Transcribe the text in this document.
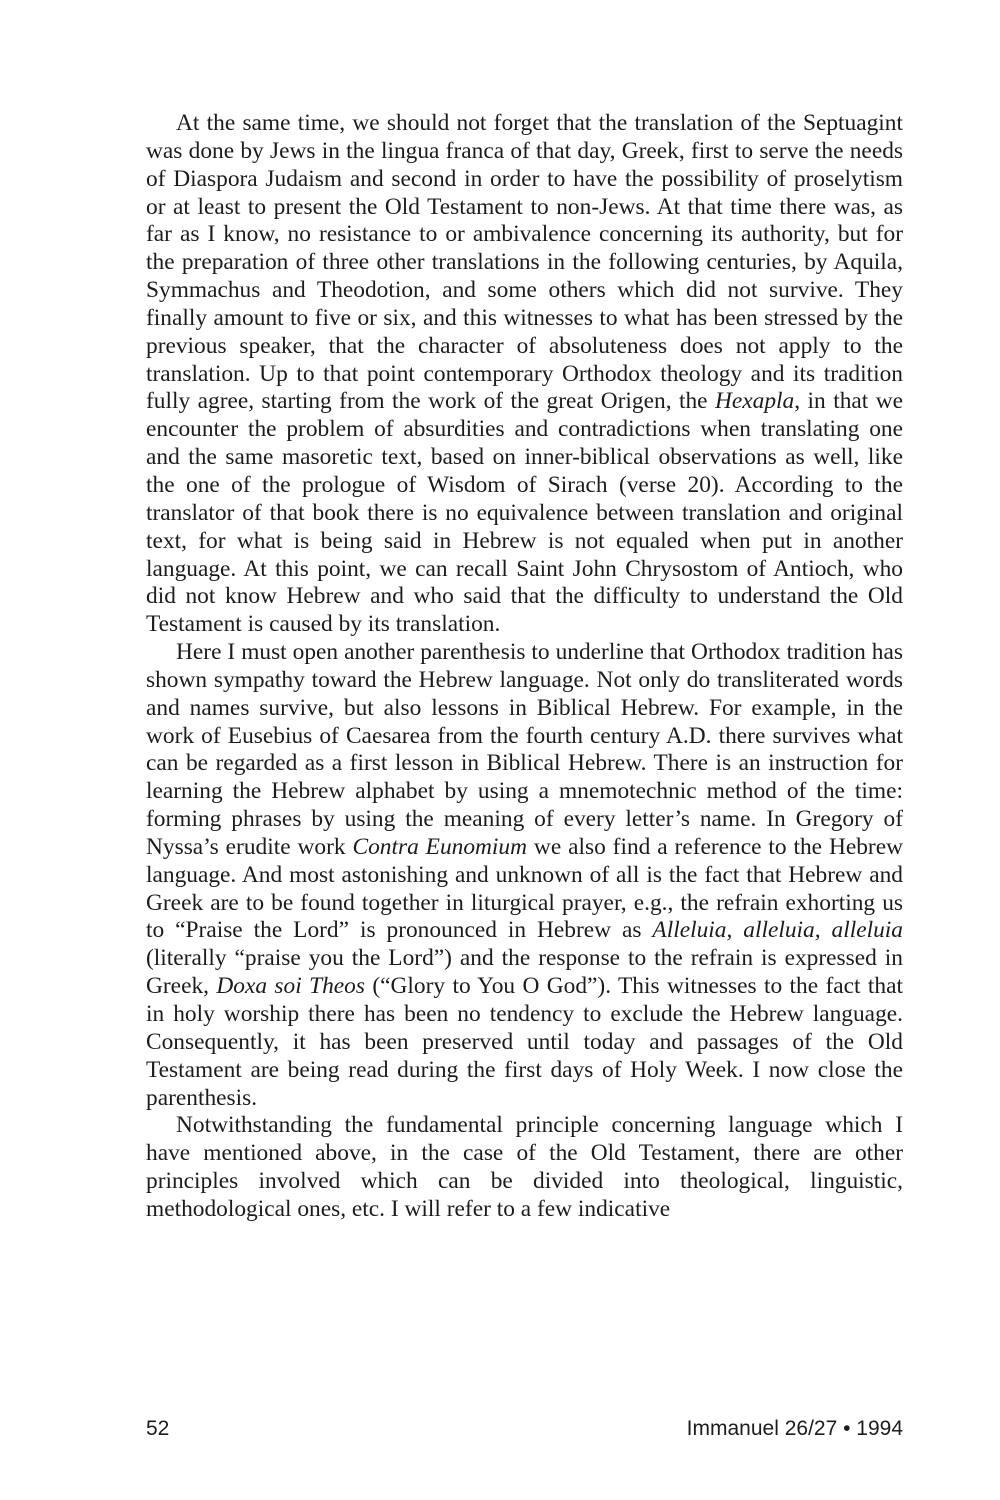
At the same time, we should not forget that the translation of the Septuagint was done by Jews in the lingua franca of that day, Greek, first to serve the needs of Diaspora Judaism and second in order to have the possibility of proselytism or at least to present the Old Testament to non-Jews. At that time there was, as far as I know, no resistance to or ambivalence concerning its authority, but for the preparation of three other translations in the following centuries, by Aquila, Symmachus and Theodotion, and some others which did not survive. They finally amount to five or six, and this witnesses to what has been stressed by the previous speaker, that the character of absoluteness does not apply to the translation. Up to that point contemporary Orthodox theology and its tradition fully agree, starting from the work of the great Origen, the Hexapla, in that we encounter the problem of absurdities and contradictions when translating one and the same masoretic text, based on inner-biblical observations as well, like the one of the prologue of Wisdom of Sirach (verse 20). According to the translator of that book there is no equivalence between translation and original text, for what is being said in Hebrew is not equaled when put in another language. At this point, we can recall Saint John Chrysostom of Antioch, who did not know Hebrew and who said that the difficulty to understand the Old Testament is caused by its translation.

Here I must open another parenthesis to underline that Orthodox tradition has shown sympathy toward the Hebrew language. Not only do transliterated words and names survive, but also lessons in Biblical Hebrew. For example, in the work of Eusebius of Caesarea from the fourth century A.D. there survives what can be regarded as a first lesson in Biblical Hebrew. There is an instruction for learning the Hebrew alphabet by using a mnemotechnic method of the time: forming phrases by using the meaning of every letter’s name. In Gregory of Nyssa’s erudite work Contra Eunomium we also find a reference to the Hebrew language. And most astonishing and unknown of all is the fact that Hebrew and Greek are to be found together in liturgical prayer, e.g., the refrain exhorting us to “Praise the Lord” is pronounced in Hebrew as Alleluia, alleluia, alleluia (literally “praise you the Lord”) and the response to the refrain is expressed in Greek, Doxa soi Theos (“Glory to You O God”). This witnesses to the fact that in holy worship there has been no tendency to exclude the Hebrew language. Consequently, it has been preserved until today and passages of the Old Testament are being read during the first days of Holy Week. I now close the parenthesis.

Notwithstanding the fundamental principle concerning language which I have mentioned above, in the case of the Old Testament, there are other principles involved which can be divided into theological, linguistic, methodological ones, etc. I will refer to a few indicative

52	Immanuel 26/27 • 1994
